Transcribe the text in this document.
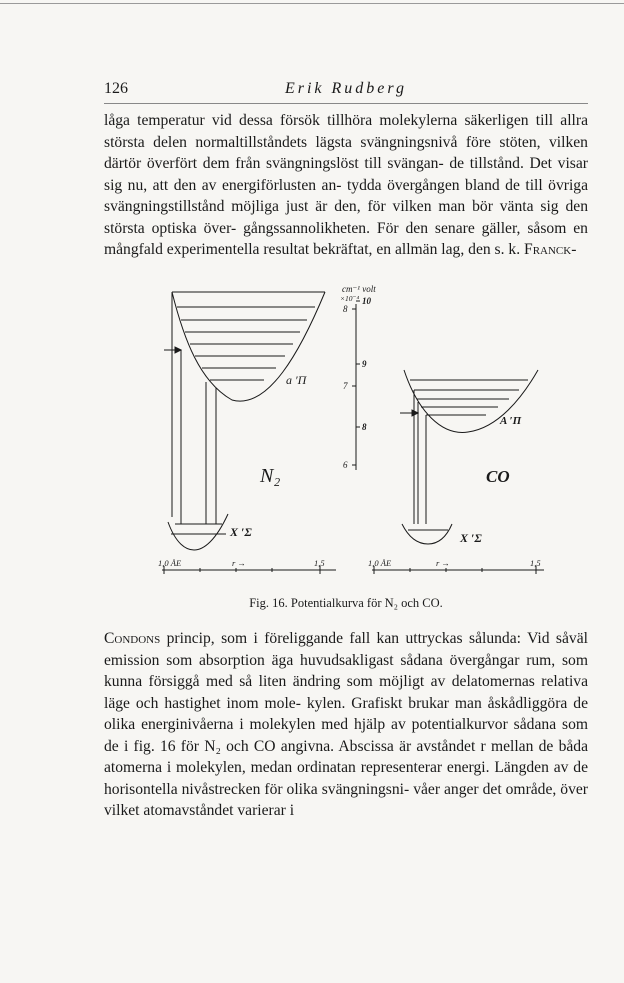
126	Erik Rudberg
låga temperatur vid dessa försök tillhöra molekylerna säkerligen till allra största delen normaltillståndets lägsta svängningsnivå före stöten, vilken därtör överfört dem från svängningslöst till svängan- de tillstånd. Det visar sig nu, att den av energiförlusten an- tydda övergången bland de till övriga svängningstillstånd möjliga just är den, för vilken man bör vänta sig den största optiska över- gångssannolikheten. För den senare gäller, såsom en mångfald experimentella resultat bekräftat, en allmän lag, den s. k. Franck-
cm⁻¹ volt
×10⁻⁴
8
7
6
10
9
8
a ′Π
N₂
X ′Σ
A ′Π
CO
X ′Σ
1,0 ÅE	r →	1,5	1,0 ÅE	r →	1,5
Fig. 16. Potentialkurva för N₂ och CO.
Condons princip, som i föreliggande fall kan uttryckas sålunda: Vid såväl emission som absorption äga huvudsakligast sådana övergångar rum, som kunna försiggå med så liten ändring som möjligt av delatomernas relativa läge och hastighet inom mole- kylen. Grafiskt brukar man åskådliggöra de olika energinivåerna i molekylen med hjälp av potentialkurvor sådana som de i fig. 16 för N₂ och CO angivna. Abscissa är avståndet r mellan de båda atomerna i molekylen, medan ordinatan representerar energi. Längden av de horisontella nivåstrecken för olika svängningsni- våer anger det område, över vilket atomavståndet varierar i
